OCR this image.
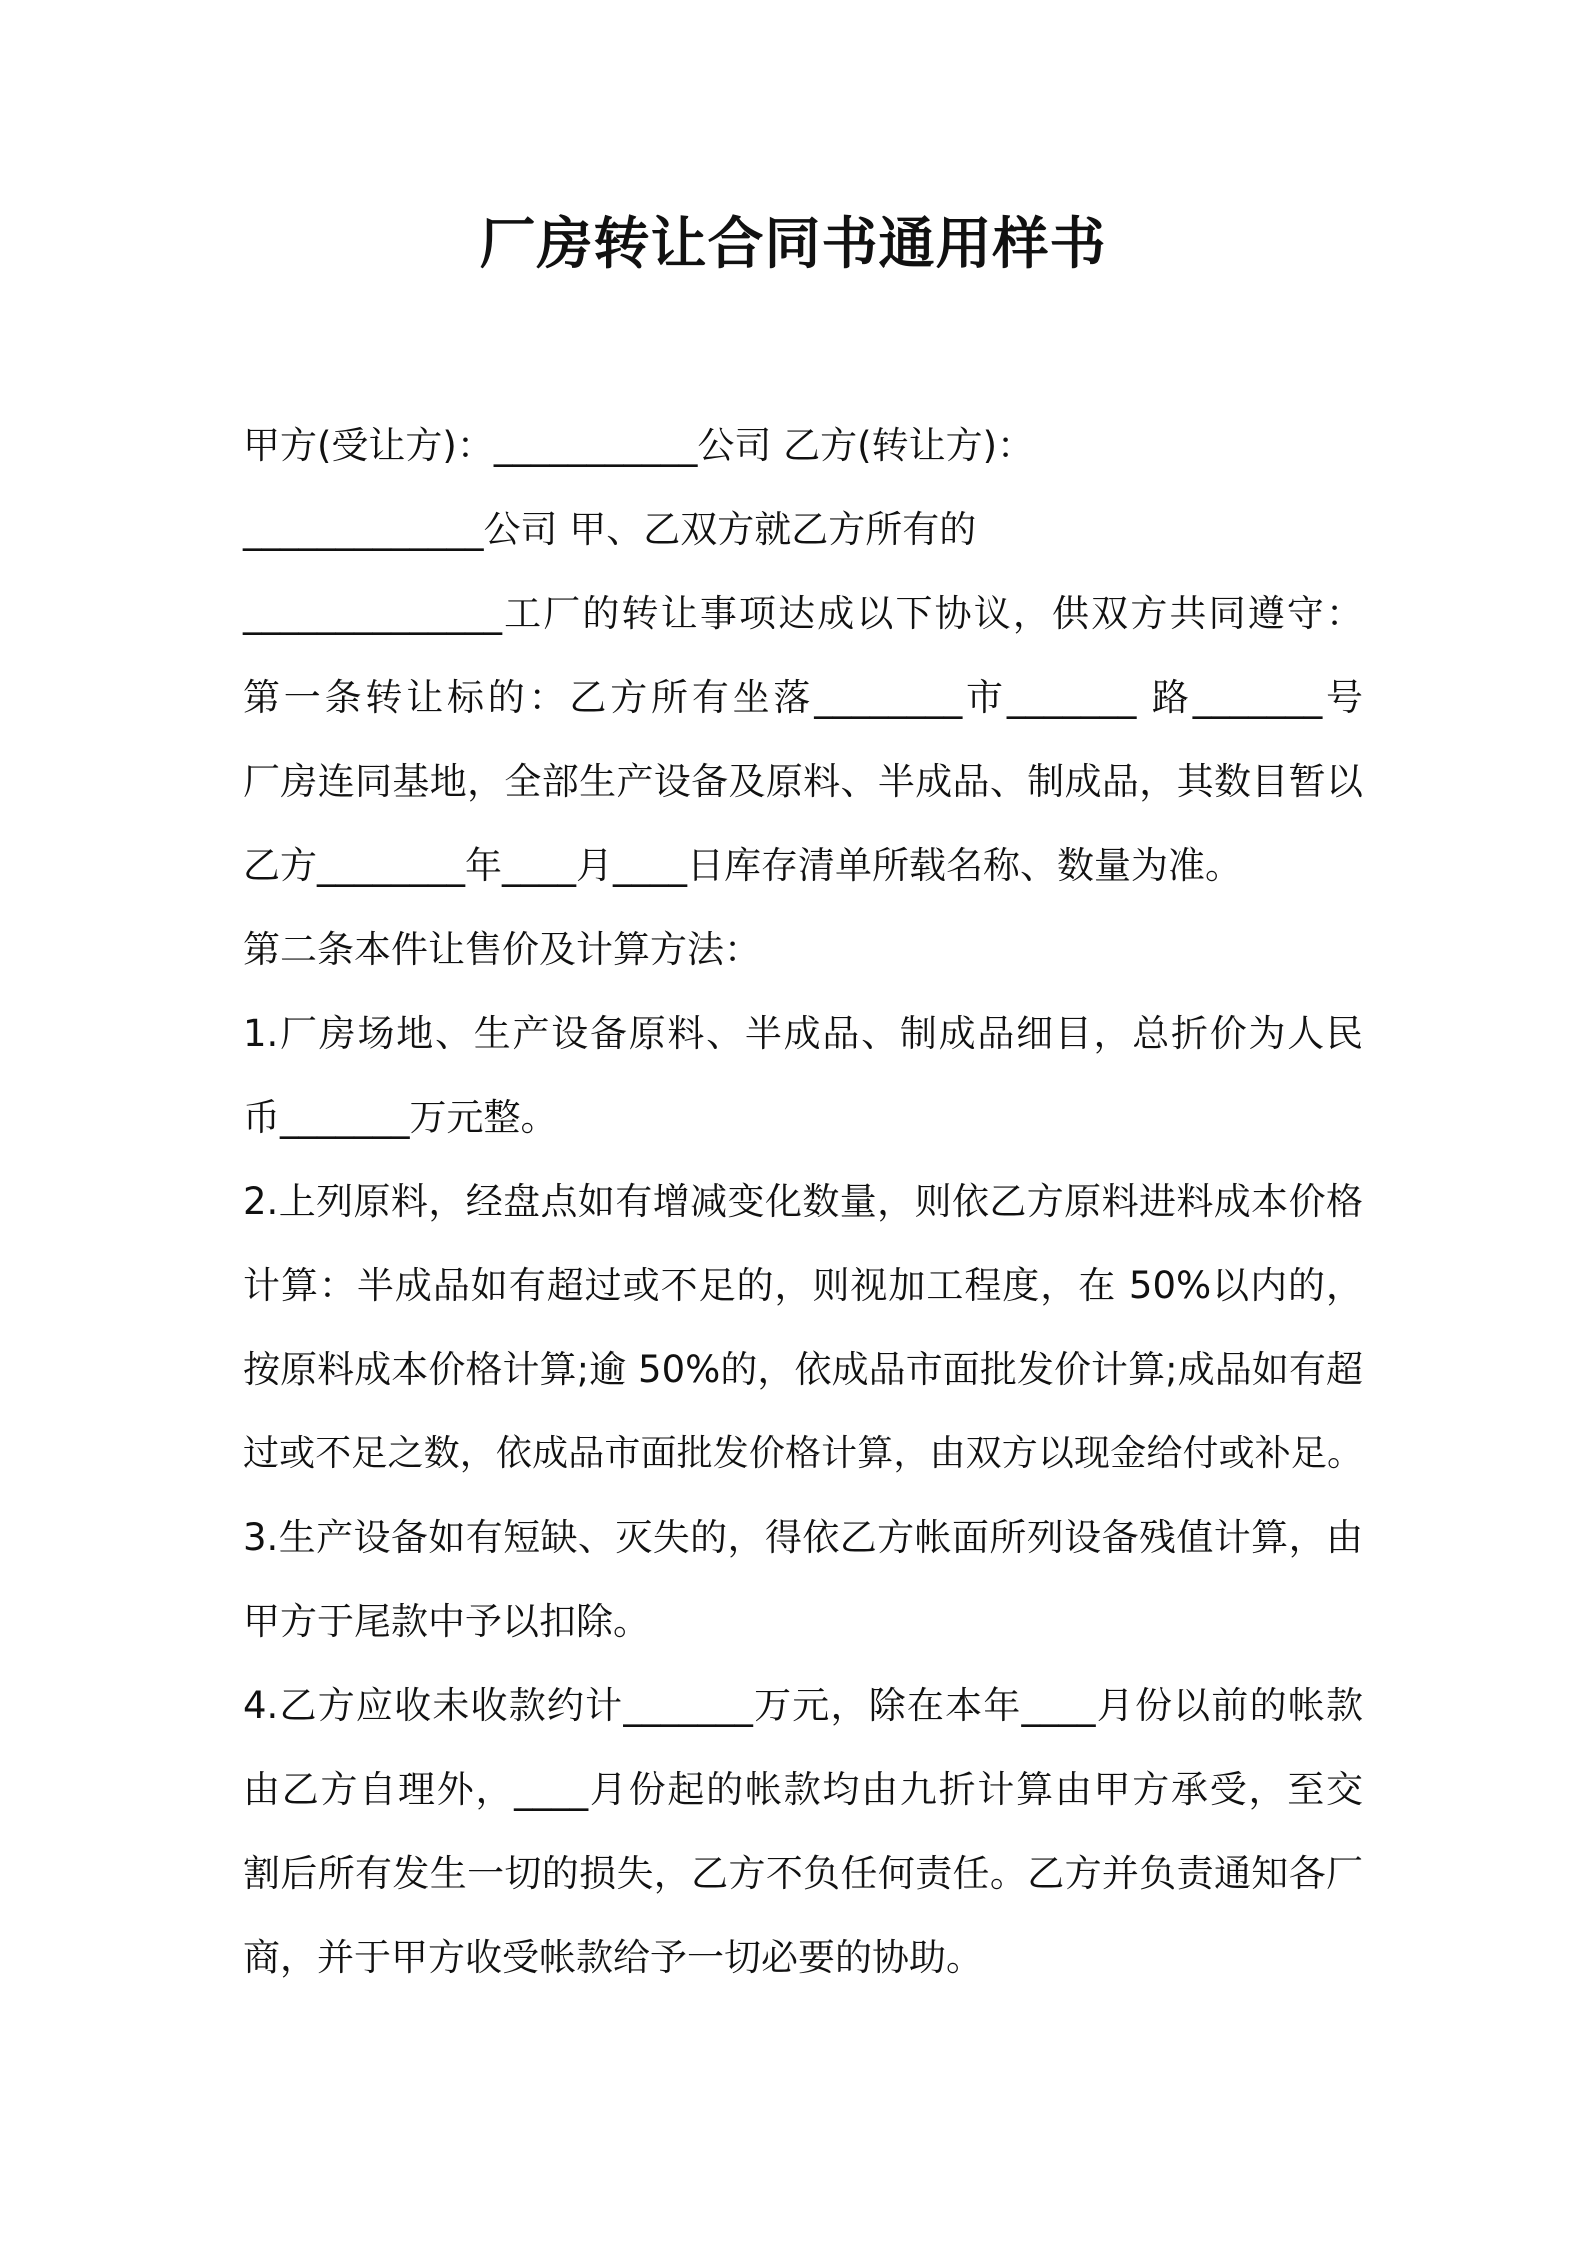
厂房转让合同书通用样书
甲方(受让方)：___________公司 乙方(转让方)：
_____________公司 甲、乙双方就乙方所有的
______________工厂的转让事项达成以下协议，供双方共同遵守：
第一条转让标的：乙方所有坐落________市_______ 路_______号
厂房连同基地，全部生产设备及原料、半成品、制成品，其数目暂以
乙方________年____月____日库存清单所载名称、数量为准。
第二条本件让售价及计算方法：
1.厂房场地、生产设备原料、半成品、制成品细目，总折价为人民
币_______万元整。
2.上列原料，经盘点如有增减变化数量，则依乙方原料进料成本价格
计算：半成品如有超过或不足的，则视加工程度，在 50%以内的，
按原料成本价格计算;逾 50%的，依成品市面批发价计算;成品如有超
过或不足之数，依成品市面批发价格计算，由双方以现金给付或补足。
3.生产设备如有短缺、灭失的，得依乙方帐面所列设备残值计算，由
甲方于尾款中予以扣除。
4.乙方应收未收款约计_______万元，除在本年____月份以前的帐款
由乙方自理外，____月份起的帐款均由九折计算由甲方承受，至交
割后所有发生一切的损失，乙方不负任何责任。乙方并负责通知各厂
商，并于甲方收受帐款给予一切必要的协助。
